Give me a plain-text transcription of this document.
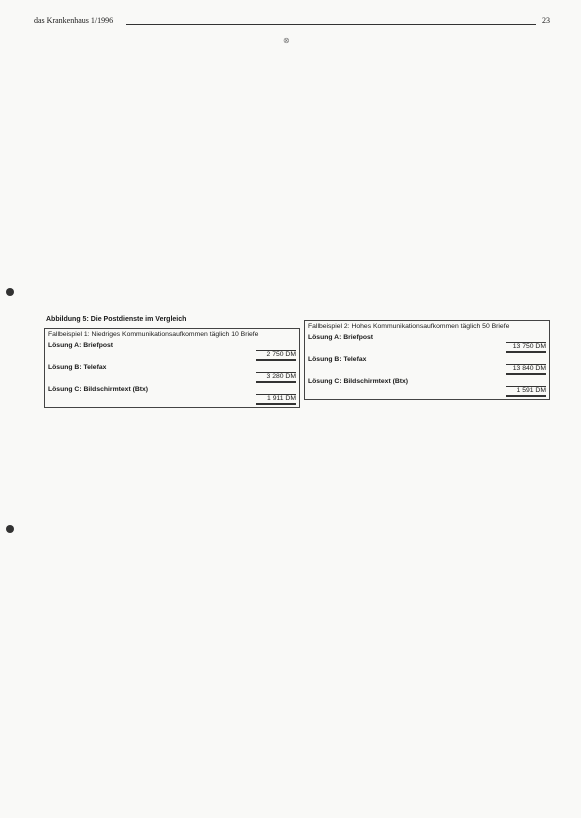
das Krankenhaus 1/1996	23
⊗
Abbildung 5: Die Postdienste im Vergleich
Fallbeispiel 1: Niedriges Kommunikationsaufkommen täglich 10 Briefe
Lösung A: Briefpost
2 750 DM
Lösung B: Telefax
3 280 DM
Lösung C: Bildschirmtext (Btx)
1 911 DM
Fallbeispiel 2: Hohes Kommunikationsaufkommen täglich 50 Briefe
Lösung A: Briefpost
13 750 DM
Lösung B: Telefax
13 840 DM
Lösung C: Bildschirmtext (Btx)
1 591 DM
